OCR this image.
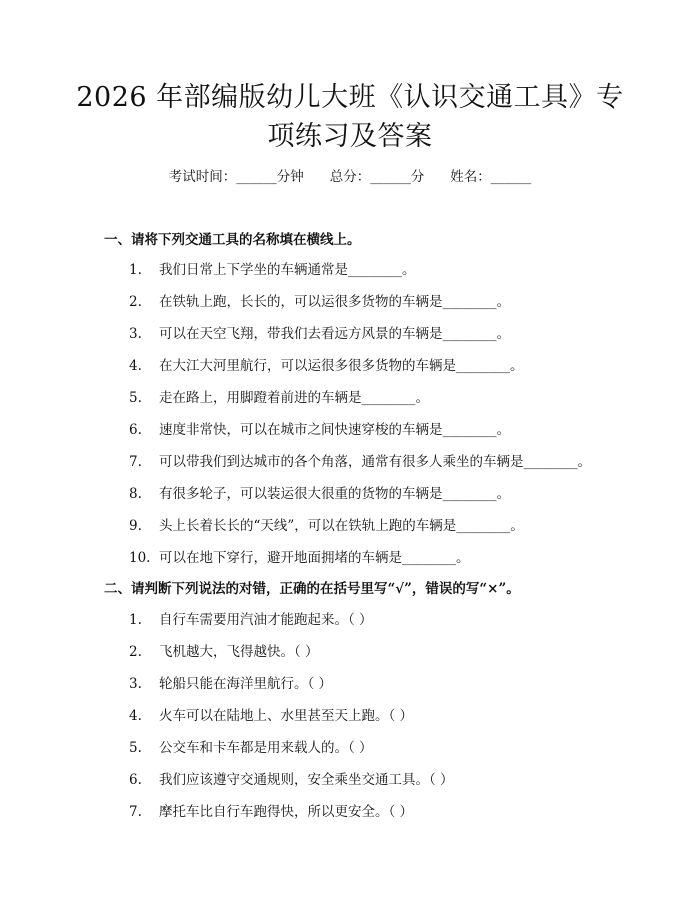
2026 年部编版幼儿大班《认识交通工具》专
项练习及答案
考试时间：______分钟 总分：______分 姓名：______
一、请将下列交通工具的名称填在横线上。
1. 我们日常上下学坐的车辆通常是________。
2. 在铁轨上跑，长长的，可以运很多货物的车辆是________。
3. 可以在天空飞翔，带我们去看远方风景的车辆是________。
4. 在大江大河里航行，可以运很多很多货物的车辆是________。
5. 走在路上，用脚蹬着前进的车辆是________。
6. 速度非常快，可以在城市之间快速穿梭的车辆是________。
7. 可以带我们到达城市的各个角落，通常有很多人乘坐的车辆是________。
8. 有很多轮子，可以装运很大很重的货物的车辆是________。
9. 头上长着长长的“天线”，可以在铁轨上跑的车辆是________。
10. 可以在地下穿行，避开地面拥堵的车辆是________。
二、请判断下列说法的对错，正确的在括号里写“√”，错误的写“×”。
1. 自行车需要用汽油才能跑起来。（ ）
2. 飞机越大，飞得越快。（ ）
3. 轮船只能在海洋里航行。（ ）
4. 火车可以在陆地上、水里甚至天上跑。（ ）
5. 公交车和卡车都是用来载人的。（ ）
6. 我们应该遵守交通规则，安全乘坐交通工具。（ ）
7. 摩托车比自行车跑得快，所以更安全。（ ）
